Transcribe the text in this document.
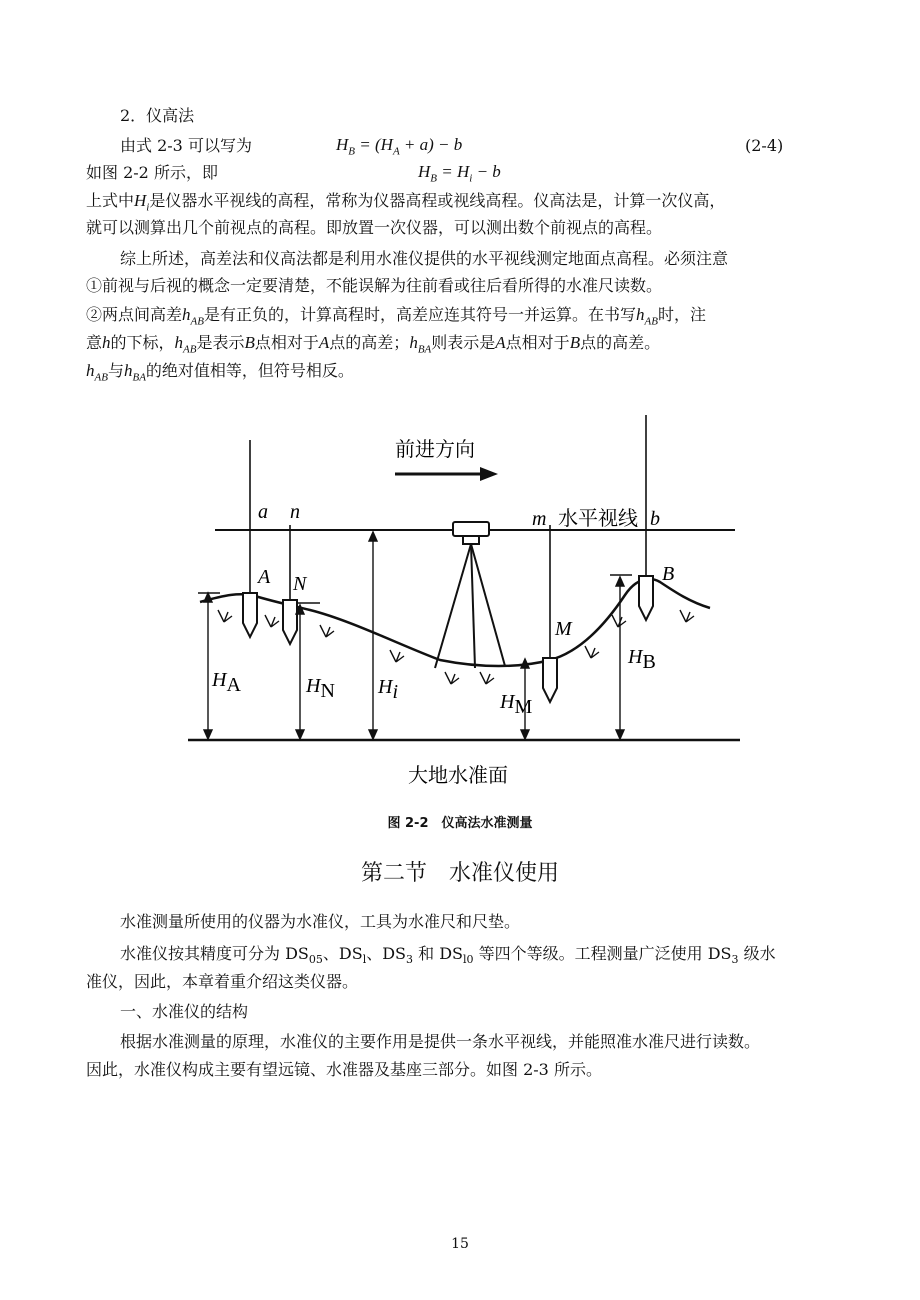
2．仪高法
由式 2-3 可以写为	$H_B = (H_A + a) - b$	(2-4)
如图 2-2 所示，即	$H_B = H_i - b$
上式中$H_i$是仪器水平视线的高程，常称为仪器高程或视线高程。仪高法是，计算一次仪高，
就可以测算出几个前视点的高程。即放置一次仪器，可以测出数个前视点的高程。
综上所述，高差法和仪高法都是利用水准仪提供的水平视线测定地面点高程。必须注意
①前视与后视的概念一定要清楚，不能误解为往前看或往后看所得的水准尺读数。
②两点间高差$h_{AB}$是有正负的，计算高程时，高差应连其符号一并运算。在书写$h_{AB}$时，注
意h的下标，$h_{AB}$是表示B点相对于A点的高差；$h_{BA}$则表示是A点相对于B点的高差。
$h_{AB}$与$h_{BA}$的绝对值相等，但符号相反。
前进方向
水平视线
a n	m	b
A N
M
B
大地水准面
HA	HN Hi	HM
HB
图 2-2　仪高法水准测量
第二节　水准仪使用
水准测量所使用的仪器为水准仪，工具为水准尺和尺垫。
水准仪按其精度可分为 $DS_{05}$、$DS_l$、$DS_3$ 和 $DS_{l0}$ 等四个等级。工程测量广泛使用 $DS_3$ 级水
准仪，因此，本章着重介绍这类仪器。
一、水准仪的结构
根据水准测量的原理，水准仪的主要作用是提供一条水平视线，并能照准水准尺进行读数。
因此，水准仪构成主要有望远镜、水准器及基座三部分。如图 2-3 所示。
15
